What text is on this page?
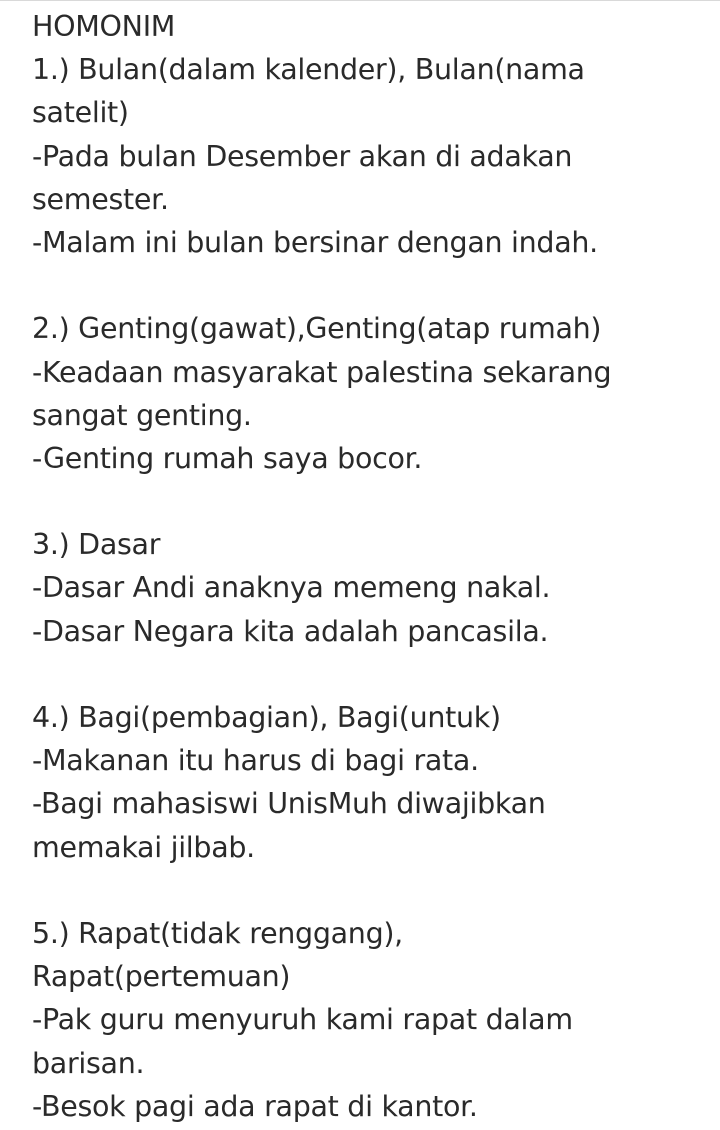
HOMONIM
1.) Bulan(dalam kalender), Bulan(nama
satelit)
-Pada bulan Desember akan di adakan
semester.
-Malam ini bulan bersinar dengan indah.
2.) Genting(gawat),Genting(atap rumah)
-Keadaan masyarakat palestina sekarang
sangat genting.
-Genting rumah saya bocor.
3.) Dasar
-Dasar Andi anaknya memeng nakal.
-Dasar Negara kita adalah pancasila.
4.) Bagi(pembagian), Bagi(untuk)
-Makanan itu harus di bagi rata.
-Bagi mahasiswi UnisMuh diwajibkan
memakai jilbab.
5.) Rapat(tidak renggang),
Rapat(pertemuan)
-Pak guru menyuruh kami rapat dalam
barisan.
-Besok pagi ada rapat di kantor.
